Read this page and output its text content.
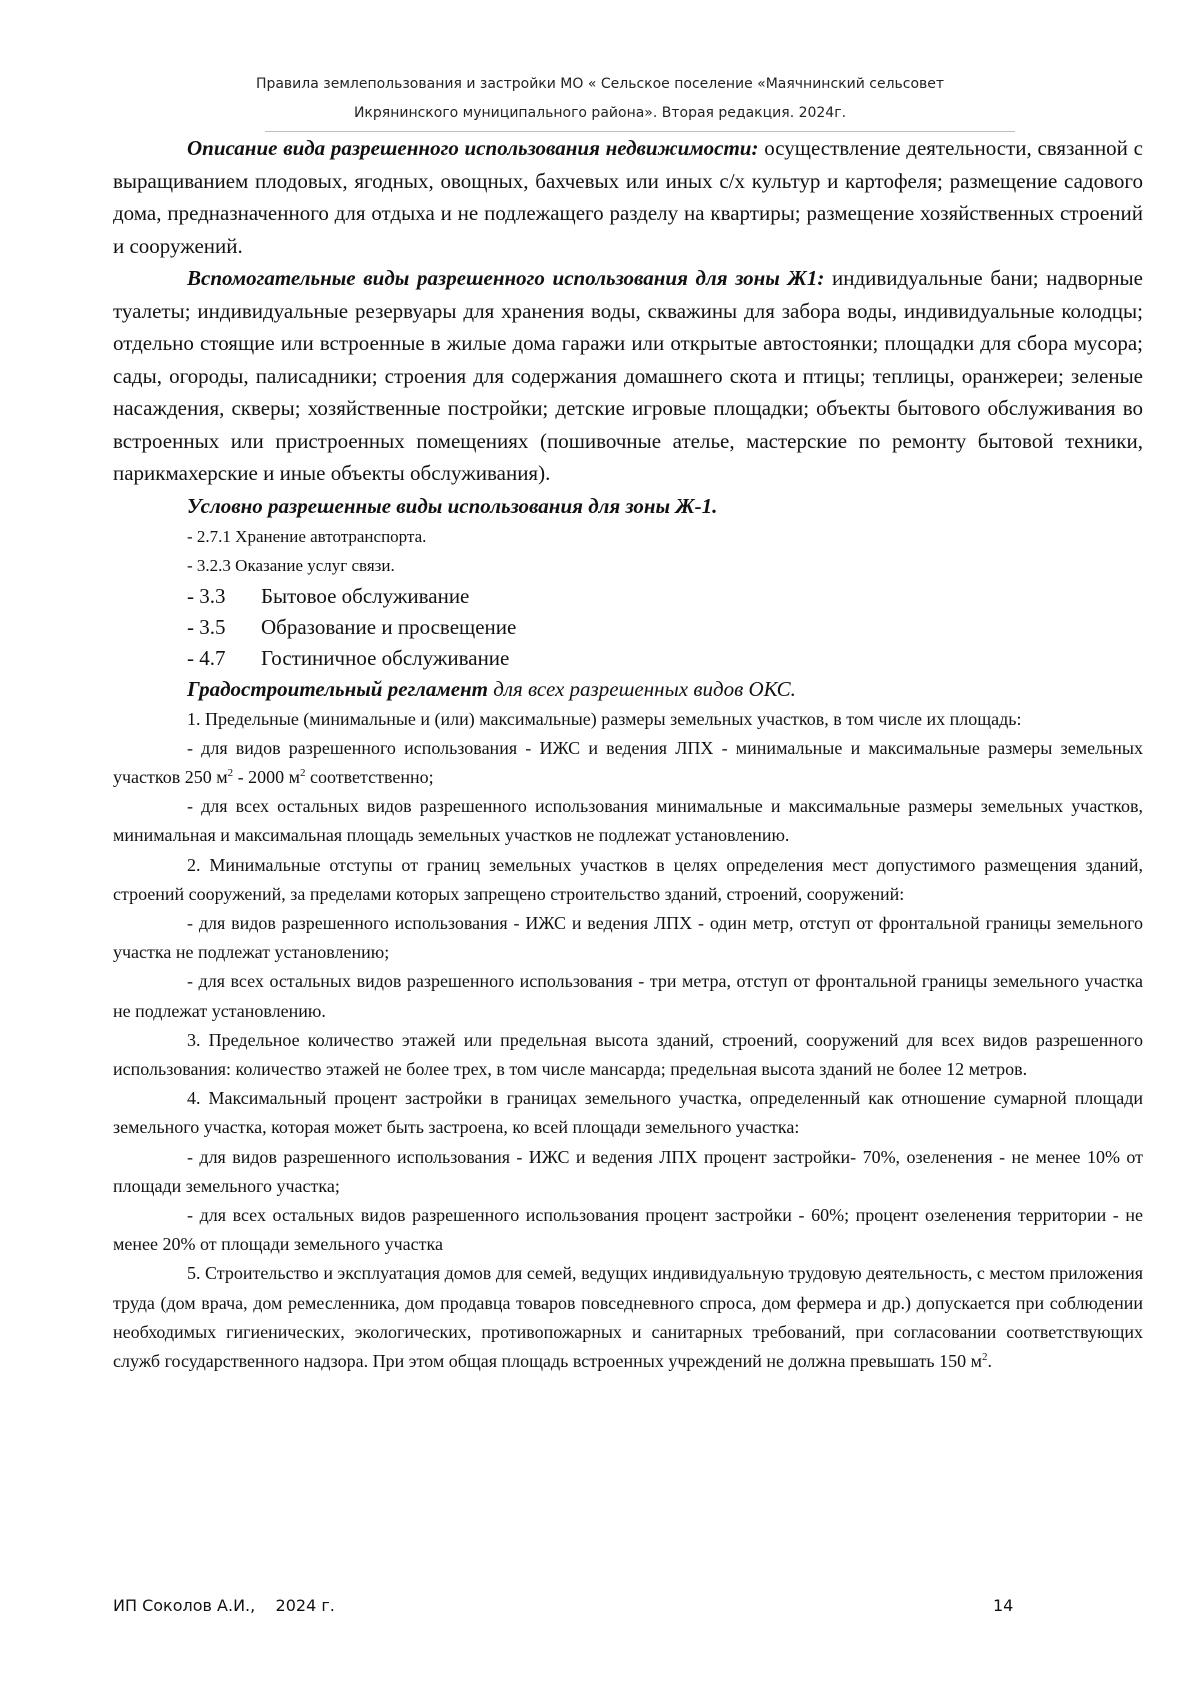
Правила землепользования и застройки МО « Сельское поселение «Маячнинский сельсовет
Икрянинского муниципального района». Вторая редакция. 2024г.

Описание вида разрешенного использования недвижимости: осуществление деятельности, связанной с выращиванием плодовых, ягодных, овощных, бахчевых или иных с/х культур и картофеля; размещение садового дома, предназначенного для отдыха и не подлежащего разделу на квартиры; размещение хозяйственных строений и сооружений.

Вспомогательные виды разрешенного использования для зоны Ж1: индивидуальные бани; надворные туалеты; индивидуальные резервуары для хранения воды, скважины для забора воды, индивидуальные колодцы; отдельно стоящие или встроенные в жилые дома гаражи или открытые автостоянки; площадки для сбора мусора; сады, огороды, палисадники; строения для содержания домашнего скота и птицы; теплицы, оранжереи; зеленые насаждения, скверы; хозяйственные постройки; детские игровые площадки; объекты бытового обслуживания во встроенных или пристроенных помещениях (пошивочные ателье, мастерские по ремонту бытовой техники, парикмахерские и иные объекты обслуживания).

Условно разрешенные виды использования для зоны Ж-1.
- 2.7.1 Хранение автотранспорта.
- 3.2.3 Оказание услуг связи.
- 3.3 Бытовое обслуживание
- 3.5 Образование и просвещение
- 4.7 Гостиничное обслуживание
Градостроительный регламент для всех разрешенных видов ОКС.

1. Предельные (минимальные и (или) максимальные) размеры земельных участков, в том числе их площадь:

- для видов разрешенного использования - ИЖС и ведения ЛПХ - минимальные и максимальные размеры земельных участков 250 $м^2 - 2000$ $м^2$ соответственно;

- для всех остальных видов разрешенного использования минимальные и максимальные размеры земельных участков, минимальная и максимальная площадь земельных участков не подлежат установлению.

2. Минимальные отступы от границ земельных участков в целях определения мест допустимого размещения зданий, строений сооружений, за пределами которых запрещено строительство зданий, строений, сооружений:

- для видов разрешенного использования - ИЖС и ведения ЛПХ - один метр, отступ от фронтальной границы земельного участка не подлежат установлению;

- для всех остальных видов разрешенного использования - три метра, отступ от фронтальной границы земельного участка не подлежат установлению.

3. Предельное количество этажей или предельная высота зданий, строений, сооружений для всех видов разрешенного использования: количество этажей не более трех, в том числе мансарда; предельная высота зданий не более 12 метров.

4. Максимальный процент застройки в границах земельного участка, определенный как отношение сумарной площади земельного участка, которая может быть застроена, ко всей площади земельного участка:

- для видов разрешенного использования - ИЖС и ведения ЛПХ процент застройки- 70%, озеленения - не менее 10% от площади земельного участка;

- для всех остальных видов разрешенного использования процент застройки - 60%; процент озеленения территории - не менее 20% от площади земельного участка

5. Строительство и эксплуатация домов для семей, ведущих индивидуальную трудовую деятельность, с местом приложения труда (дом врача, дом ремесленника, дом продавца товаров повседневного спроса, дом фермера и др.) допускается при соблюдении необходимых гигиенических, экологических, противопожарных и санитарных требований, при согласовании соответствующих служб государственного надзора. При этом общая площадь встроенных учреждений не должна превышать 150 $м^2$.

ИП Соколов А.И.,    2024 г.	14
